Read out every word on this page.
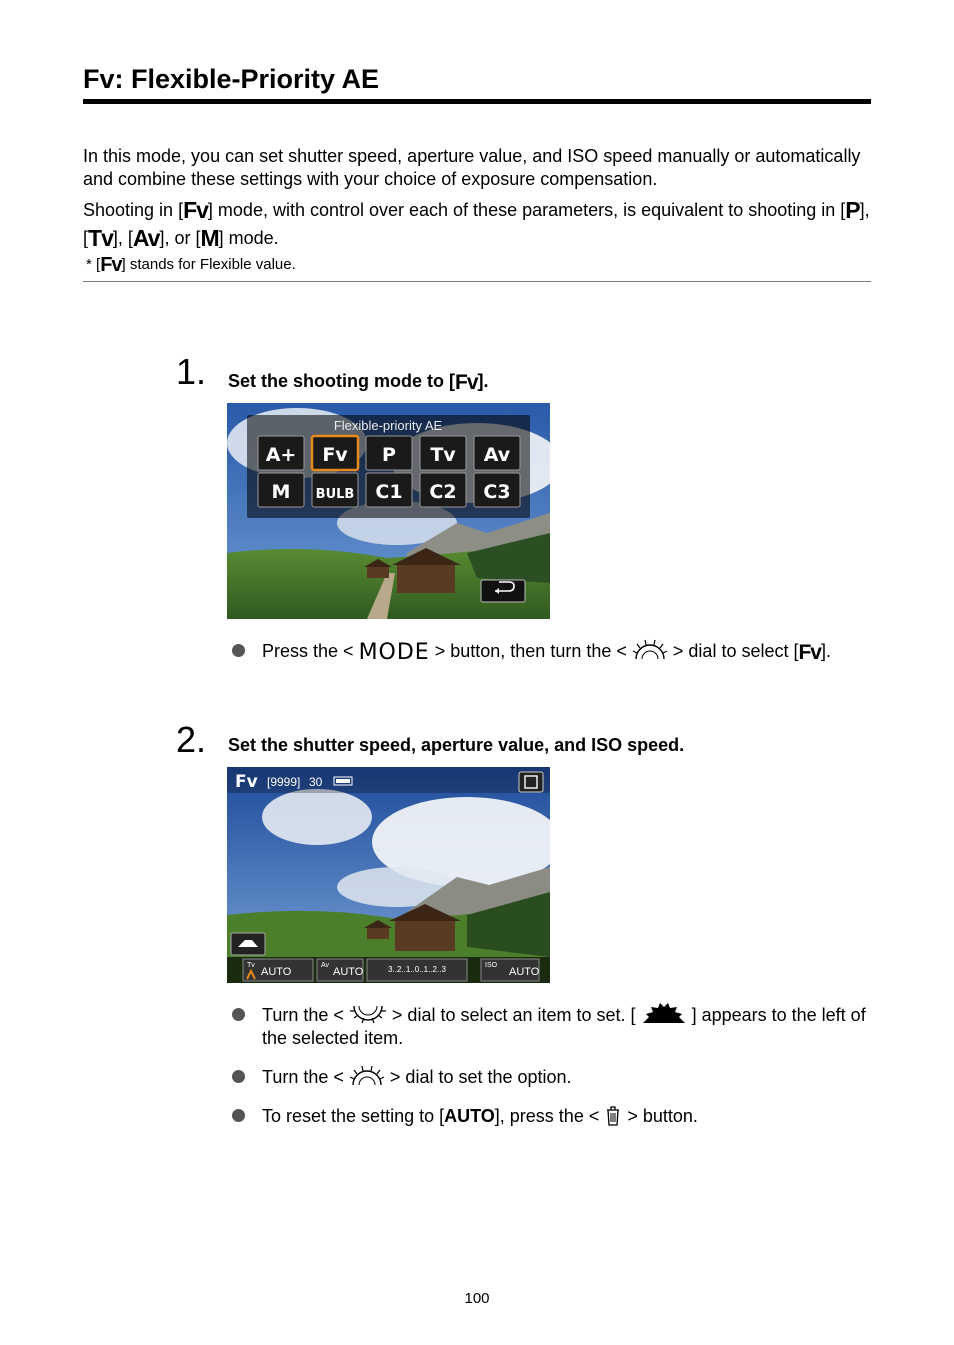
Fv: Flexible-Priority AE

In this mode, you can set shutter speed, aperture value, and ISO speed manually or automatically and combine these settings with your choice of exposure compensation.

Shooting in [Fv] mode, with control over each of these parameters, is equivalent to shooting in [P], [Tv], [Av], or [M] mode.

* [Fv] stands for Flexible value.
1. Set the shooting mode to [Fv].
Flexible-priority AE
A+ Fv P Tv Av
M BULB C1 C2 C3
Press the < MODE > button, then turn the <	> dial to select [Fv].
2. Set the shutter speed, aperture value, and ISO speed.
Fv [9999] 30
Tv
AUTO
Av
AUTO	3..2..1..0..1..2..3	ISO
AUTO
Turn the <	> dial to select an item to set. [	] appears to the left of the selected item.
Turn the <	> dial to set the option.
To reset the setting to [AUTO], press the < > button.
100
